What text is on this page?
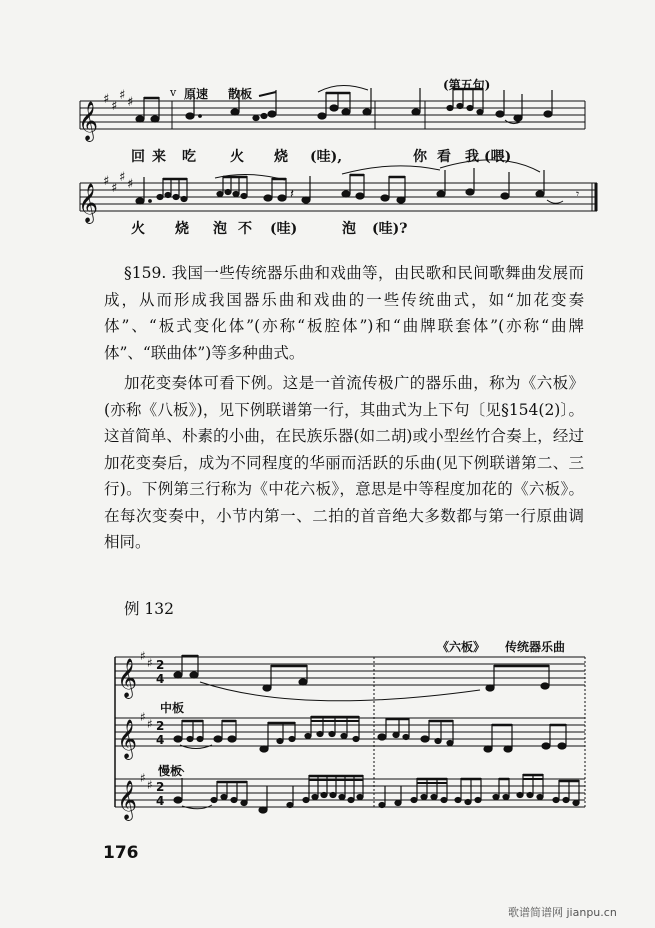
𝄞
♯ ♯
♯ ♯
v 原速 散板
(第五句)
回 来 吃 火 烧 (哇),	你 看 我 (喂)
𝄞
♯ ♯
♯ ♯
𝄽	𝄾
火 烧 泡 不 (哇)	泡 (哇)?

§159. 我国一些传统器乐曲和戏曲等，由民歌和民间歌舞曲发展而成，从而形成我国器乐曲和戏曲的一些传统曲式，如“加花变奏体”、“板式变化体”(亦称“板腔体”)和“曲牌联套体”(亦称“曲牌体”、“联曲体”)等多种曲式。

加花变奏体可看下例。这是一首流传极广的器乐曲，称为《六板》(亦称《八板》)，见下例联谱第一行，其曲式为上下句〔见§154(2)〕。这首简单、朴素的小曲，在民族乐器(如二胡)或小型丝竹合奏上，经过加花变奏后，成为不同程度的华丽而活跃的乐曲(见下例联谱第二、三行)。下例第三行称为《中花六板》，意思是中等程度加花的《六板》。在每次变奏中，小节内第一、二拍的首音绝大多数都与第一行原曲调相同。

例 132
《六板》 传统器乐曲
中板
慢板
𝄞
𝄞
𝄞
♯ ♯
♯ ♯
♯ ♯
2
4
2
4
2
4
176
歌谱简谱网 jianpu.cn
